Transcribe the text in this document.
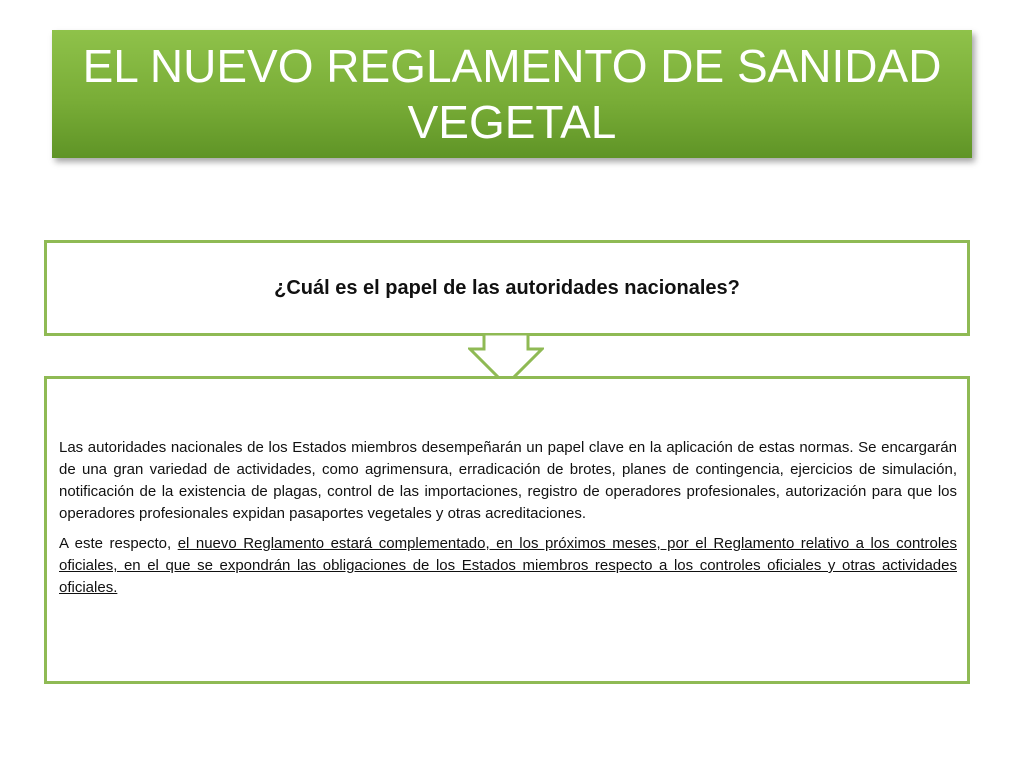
EL NUEVO REGLAMENTO DE SANIDAD VEGETAL
¿Cuál es el papel de las autoridades nacionales?

Las autoridades nacionales de los Estados miembros desempeñarán un papel clave en la aplicación de estas normas. Se encargarán de una gran variedad de actividades, como agrimensura, erradicación de brotes, planes de contingencia, ejercicios de simulación, notificación de la existencia de plagas, control de las importaciones, registro de operadores profesionales, autorización para que los operadores profesionales expidan pasaportes vegetales y otras acreditaciones.

A este respecto, el nuevo Reglamento estará complementado, en los próximos meses, por el Reglamento relativo a los controles oficiales, en el que se expondrán las obligaciones de los Estados miembros respecto a los controles oficiales y otras actividades oficiales.
